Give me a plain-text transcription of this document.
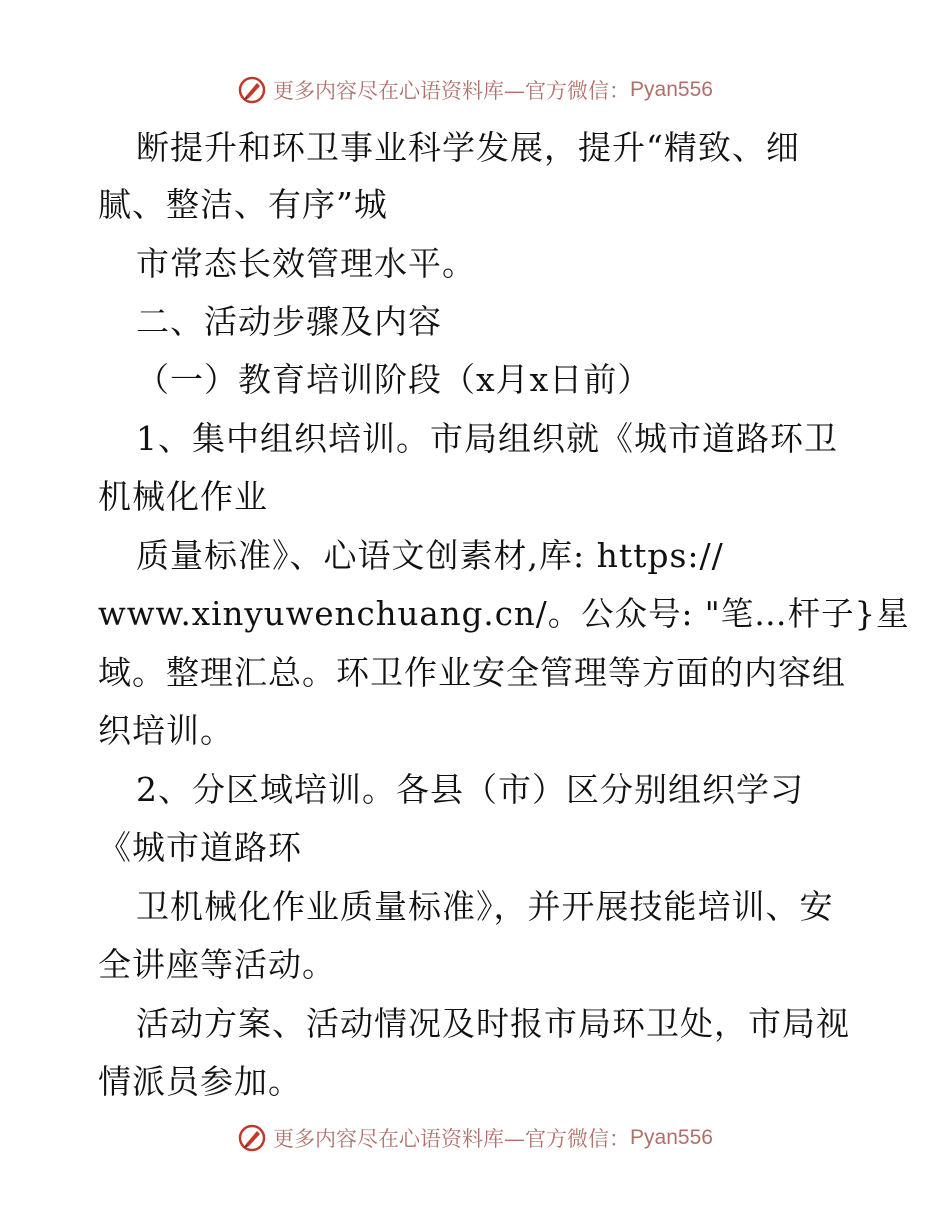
更多内容尽在心语资料库—官方微信： Pyan556
断提升和环卫事业科学发展，提升“精致、细
腻、整洁、有序”城
市常态长效管理水平。
二、活动步骤及内容
（一）教育培训阶段（x月x日前）
1、集中组织培训。市局组织就《城市道路环卫
机械化作业
质量标准》、心语文创素材,库: https://
www.xinyuwenchuang.cn/。公众号: "笔…杆子}星
域。整理汇总。环卫作业安全管理等方面的内容组
织培训。
2、分区域培训。各县（市）区分别组织学习
《城市道路环
卫机械化作业质量标准》，并开展技能培训、安
全讲座等活动。
活动方案、活动情况及时报市局环卫处，市局视
情派员参加。
更多内容尽在心语资料库—官方微信： Pyan556
